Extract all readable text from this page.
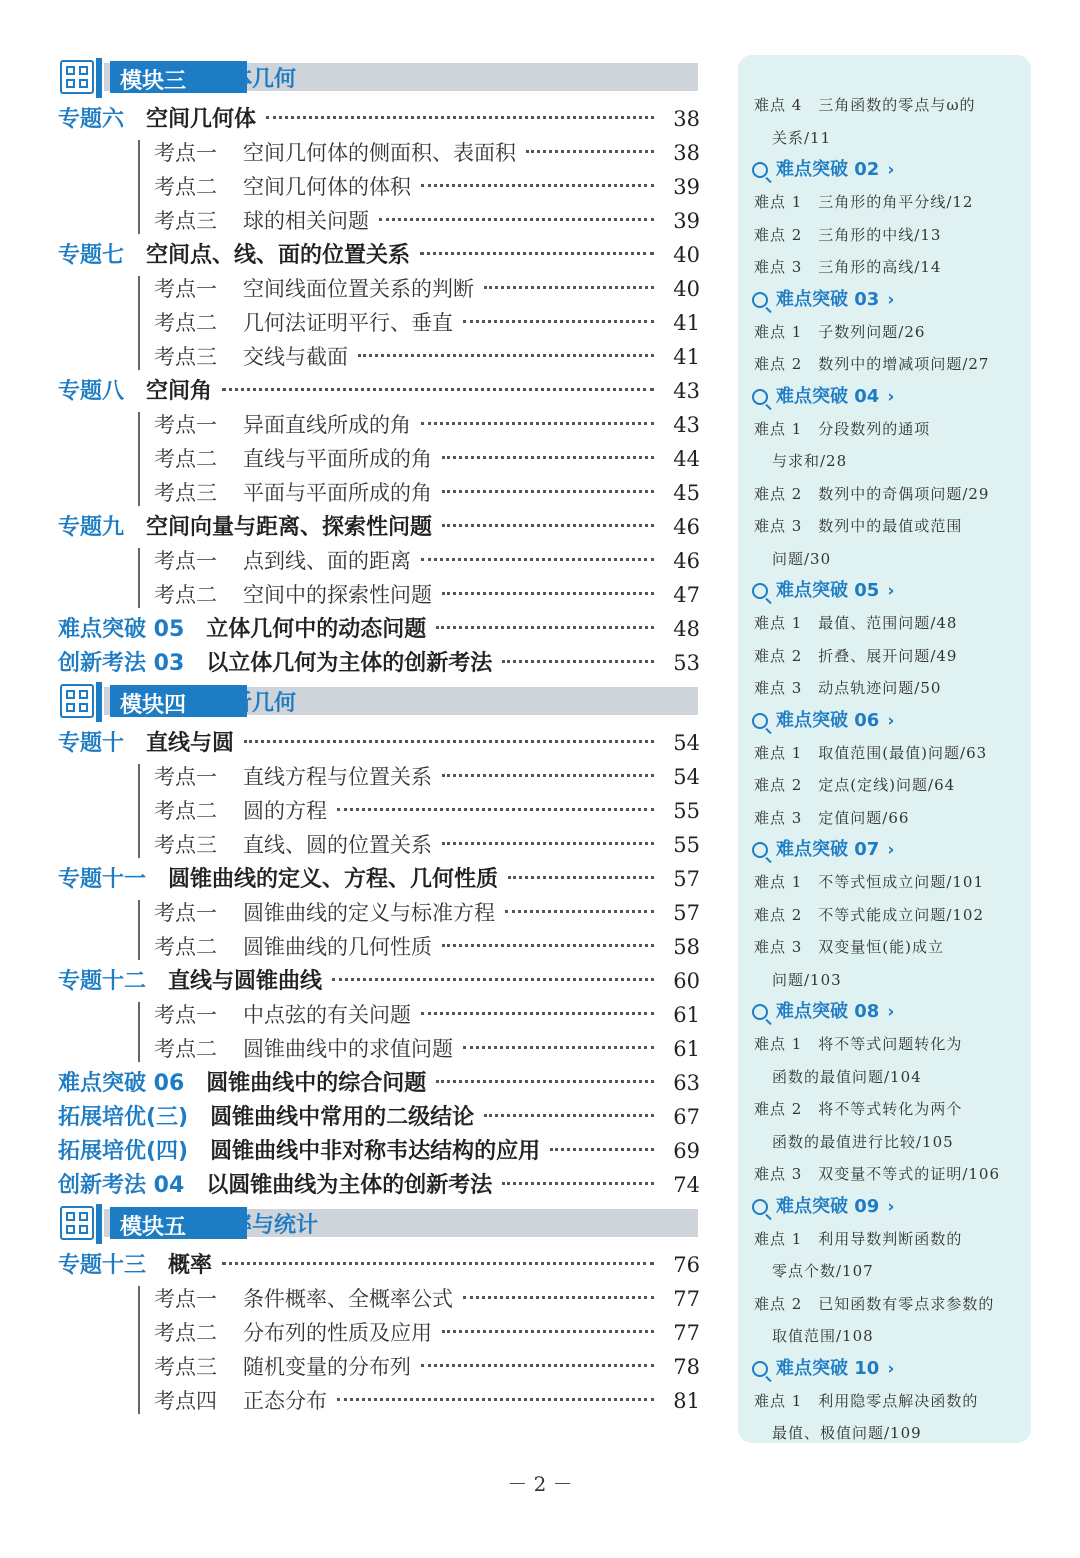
模块三 立体几何
专题六 空间几何体	38
考点一 空间几何体的侧面积、表面积	38
考点二 空间几何体的体积	39
考点三 球的相关问题	39
专题七 空间点、线、面的位置关系	40
考点一 空间线面位置关系的判断	40
考点二 几何法证明平行、垂直	41
考点三 交线与截面	41
专题八 空间角	43
考点一 异面直线所成的角	43
考点二 直线与平面所成的角	44
考点三 平面与平面所成的角	45
专题九 空间向量与距离、探索性问题	46
考点一 点到线、面的距离	46
考点二 空间中的探索性问题	47
难点突破 05 立体几何中的动态问题	48
创新考法 03 以立体几何为主体的创新考法	53
模块四 解析几何
专题十 直线与圆	54
考点一 直线方程与位置关系	54
考点二 圆的方程	55
考点三 直线、圆的位置关系	55
专题十一 圆锥曲线的定义、方程、几何性质	57
考点一 圆锥曲线的定义与标准方程	57
考点二 圆锥曲线的几何性质	58
专题十二 直线与圆锥曲线	60
考点一 中点弦的有关问题	61
考点二 圆锥曲线中的求值问题	61
难点突破 06 圆锥曲线中的综合问题	63
拓展培优(三) 圆锥曲线中常用的二级结论	67
拓展培优(四) 圆锥曲线中非对称韦达结构的应用	69
创新考法 04 以圆锥曲线为主体的创新考法	74
模块五 概率与统计
专题十三 概率	76
考点一 条件概率、全概率公式	77
考点二 分布列的性质及应用	77
考点三 随机变量的分布列	78
考点四 正态分布	81
难点 4　三角函数的零点与ω的
关系/11
难点突破 02 ›
难点 1　三角形的角平分线/12
难点 2　三角形的中线/13
难点 3　三角形的高线/14
难点突破 03 ›
难点 1　子数列问题/26
难点 2　数列中的增减项问题/27
难点突破 04 ›
难点 1　分段数列的通项
与求和/28
难点 2　数列中的奇偶项问题/29
难点 3　数列中的最值或范围
问题/30
难点突破 05 ›
难点 1　最值、范围问题/48
难点 2　折叠、展开问题/49
难点 3　动点轨迹问题/50
难点突破 06 ›
难点 1　取值范围(最值)问题/63
难点 2　定点(定线)问题/64
难点 3　定值问题/66
难点突破 07 ›
难点 1　不等式恒成立问题/101
难点 2　不等式能成立问题/102
难点 3　双变量恒(能)成立
问题/103
难点突破 08 ›
难点 1　将不等式问题转化为
函数的最值问题/104
难点 2　将不等式转化为两个
函数的最值进行比较/105
难点 3　双变量不等式的证明/106
难点突破 09 ›
难点 1　利用导数判断函数的
零点个数/107
难点 2　已知函数有零点求参数的
取值范围/108
难点突破 10 ›
难点 1　利用隐零点解决函数的
最值、极值问题/109
－ 2 －
